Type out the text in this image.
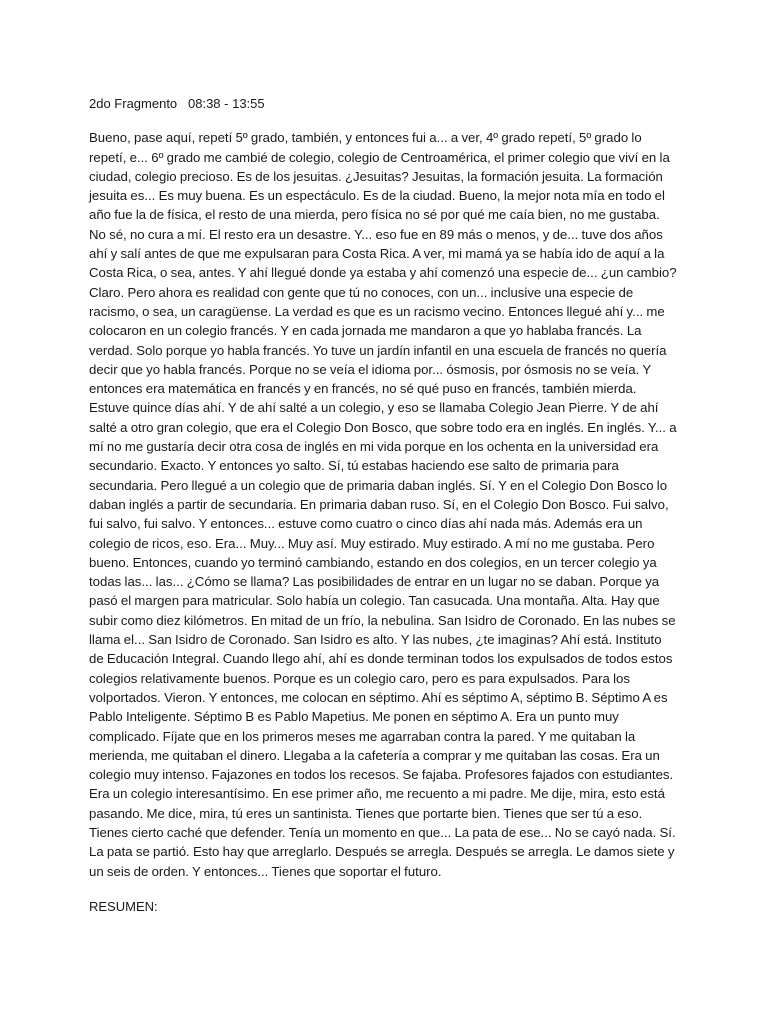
2do Fragmento   08:38 - 13:55

Bueno, pase aquí, repetí 5º grado, también, y entonces fui a... a ver, 4º grado repetí, 5º grado lo repetí, e... 6º grado me cambié de colegio, colegio de Centroamérica, el primer colegio que viví en la ciudad, colegio precioso. Es de los jesuitas. ¿Jesuitas? Jesuitas, la formación jesuita. La formación jesuita es... Es muy buena. Es un espectáculo. Es de la ciudad. Bueno, la mejor nota mía en todo el año fue la de física, el resto de una mierda, pero física no sé por qué me caía bien, no me gustaba. No sé, no cura a mí. El resto era un desastre. Y... eso fue en 89 más o menos, y de... tuve dos años ahí y salí antes de que me expulsaran para Costa Rica. A ver, mi mamá ya se había ido de aquí a la Costa Rica, o sea, antes. Y ahí llegué donde ya estaba y ahí comenzó una especie de... ¿un cambio? Claro. Pero ahora es realidad con gente que tú no conoces, con un... inclusive una especie de racismo, o sea, un caragüense. La verdad es que es un racismo vecino. Entonces llegué ahí y... me colocaron en un colegio francés. Y en cada jornada me mandaron a que yo hablaba francés. La verdad. Solo porque yo habla francés. Yo tuve un jardín infantil en una escuela de francés no quería decir que yo habla francés. Porque no se veía el idioma por... ósmosis, por ósmosis no se veía. Y entonces era matemática en francés y en francés, no sé qué puso en francés, también mierda. Estuve quince días ahí. Y de ahí salté a un colegio, y eso se llamaba Colegio Jean Pierre. Y de ahí salté a otro gran colegio, que era el Colegio Don Bosco, que sobre todo era en inglés. En inglés. Y... a mí no me gustaría decir otra cosa de inglés en mi vida porque en los ochenta en la universidad era secundario. Exacto. Y entonces yo salto. Sí, tú estabas haciendo ese salto de primaria para secundaria. Pero llegué a un colegio que de primaria daban inglés. Sí. Y en el Colegio Don Bosco lo daban inglés a partir de secundaria. En primaria daban ruso. Sí, en el Colegio Don Bosco. Fui salvo, fui salvo, fui salvo. Y entonces... estuve como cuatro o cinco días ahí nada más. Además era un colegio de ricos, eso. Era... Muy... Muy así. Muy estirado. Muy estirado. A mí no me gustaba. Pero bueno. Entonces, cuando yo terminó cambiando, estando en dos colegios, en un tercer colegio ya todas las... las... ¿Cómo se llama? Las posibilidades de entrar en un lugar no se daban. Porque ya pasó el margen para matricular. Solo había un colegio. Tan casucada. Una montaña. Alta. Hay que subir como diez kilómetros. En mitad de un frío, la nebulina. San Isidro de Coronado. En las nubes se llama el... San Isidro de Coronado. San Isidro es alto. Y las nubes, ¿te imaginas? Ahí está. Instituto de Educación Integral. Cuando llego ahí, ahí es donde terminan todos los expulsados de todos estos colegios relativamente buenos. Porque es un colegio caro, pero es para expulsados. Para los volportados. Vieron. Y entonces, me colocan en séptimo. Ahí es séptimo A, séptimo B. Séptimo A es Pablo Inteligente. Séptimo B es Pablo Mapetius. Me ponen en séptimo A. Era un punto muy complicado. Fíjate que en los primeros meses me agarraban contra la pared. Y me quitaban la merienda, me quitaban el dinero. Llegaba a la cafetería a comprar y me quitaban las cosas. Era un colegio muy intenso. Fajazones en todos los recesos. Se fajaba. Profesores fajados con estudiantes. Era un colegio interesantísimo. En ese primer año, me recuento a mi padre. Me dije, mira, esto está pasando. Me dice, mira, tú eres un santinista. Tienes que portarte bien. Tienes que ser tú a eso. Tienes cierto caché que defender. Tenía un momento en que... La pata de ese... No se cayó nada. Sí. La pata se partió. Esto hay que arreglarlo. Después se arregla. Después se arregla. Le damos siete y un seis de orden. Y entonces... Tienes que soportar el futuro.

RESUMEN:
